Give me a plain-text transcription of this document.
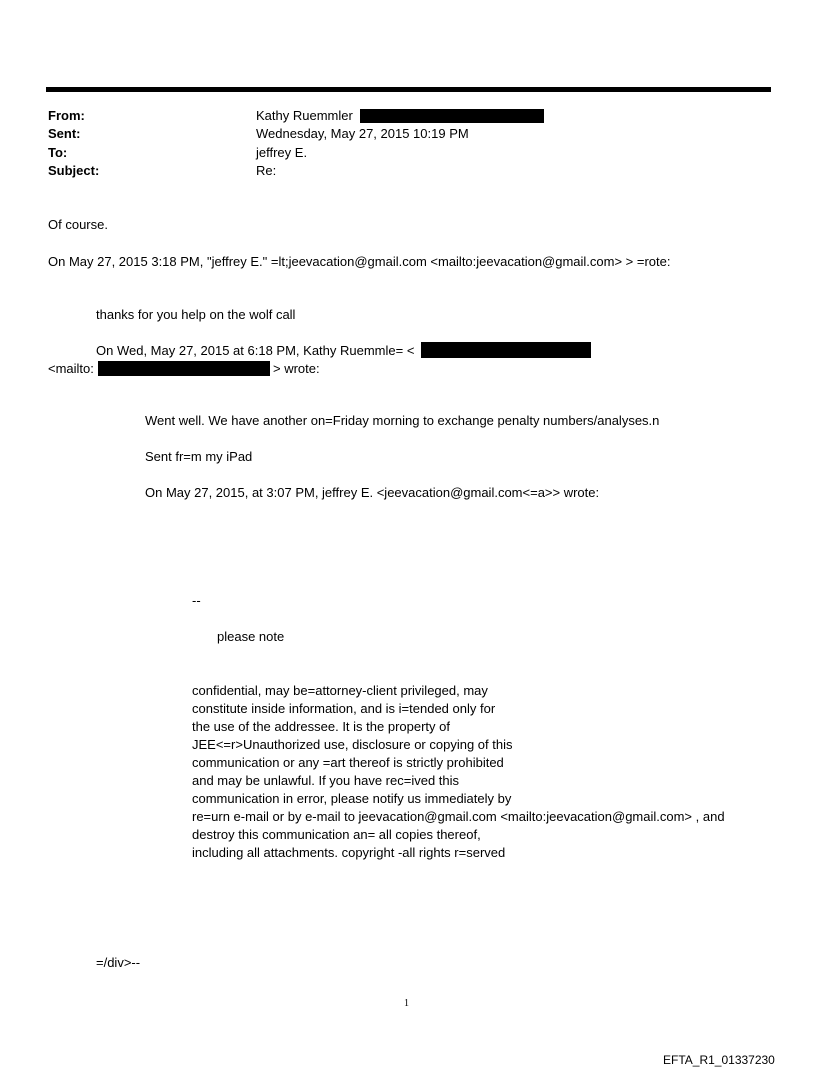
From:	Kathy Ruemmler
Sent:	Wednesday, May 27, 2015 10:19 PM
To:	jeffrey E.
Subject:	Re:
Of course.
On May 27, 2015 3:18 PM, "jeffrey E." =lt;jeevacation@gmail.com <mailto:jeevacation@gmail.com> > =rote:
thanks for you help on the wolf call
On Wed, May 27, 2015 at 6:18 PM, Kathy Ruemmle= <
<mailto:	> wrote:
Went well. We have another on=Friday morning to exchange penalty numbers/analyses.n
Sent fr=m my iPad
On May 27, 2015, at 3:07 PM, jeffrey E. <jeevacation@gmail.com<=a>> wrote:
--
please note
confidential, may be=attorney-client privileged, may
constitute inside information, and is i=tended only for
the use of the addressee. It is the property of
JEE<=r>Unauthorized use, disclosure or copying of this
communication or any =art thereof is strictly prohibited
and may be unlawful. If you have rec=ived this
communication in error, please notify us immediately by
re=urn e-mail or by e-mail to jeevacation@gmail.com <mailto:jeevacation@gmail.com> , and
destroy this communication an= all copies thereof,
including all attachments. copyright -all rights r=served
=/div>--
1
EFTA_R1_01337230
